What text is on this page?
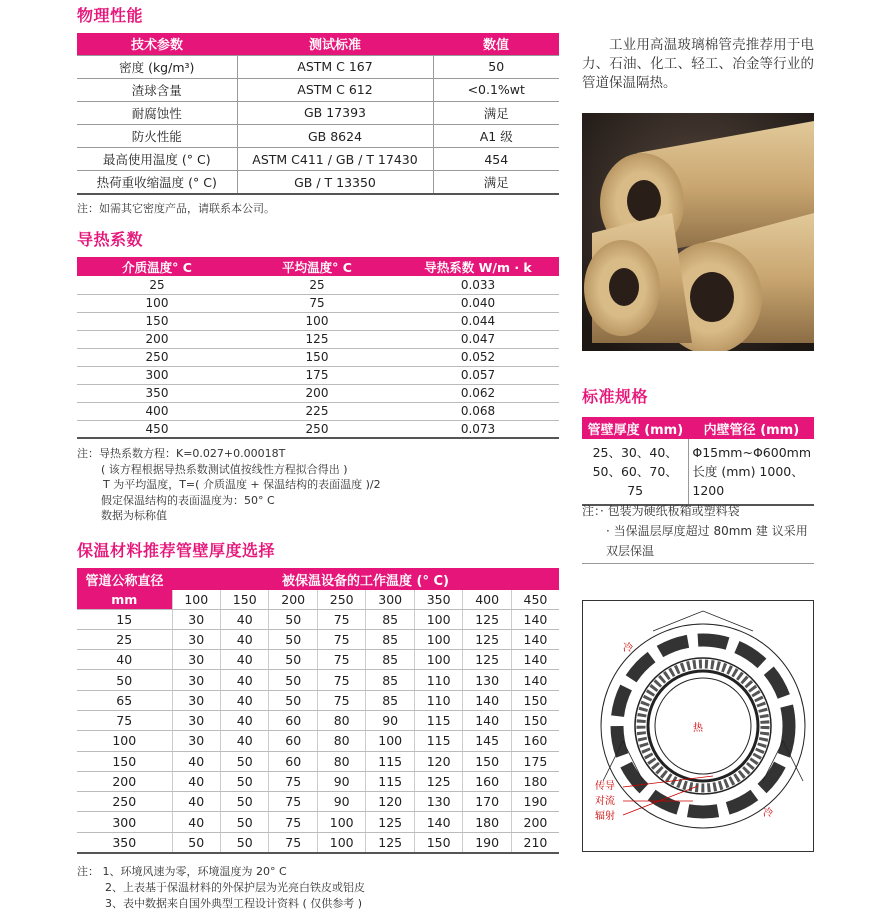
物理性能
导热系数
保温材料推荐管壁厚度选择
标准规格
技术参数	测试标准	数值
密度 (kg/m³)	ASTM C 167	50
渣球含量	ASTM C 612	<0.1%wt
耐腐蚀性	GB 17393	满足
防火性能	GB 8624	A1 级
最高使用温度 (° C)	ASTM C411 / GB / T 17430	454
热荷重收缩温度 (° C)	GB / T 13350	满足
注：如需其它密度产品，请联系本公司。
介质温度° C	平均温度° C	导热系数 W/m · k
25	25	0.033
100	75	0.040
150	100	0.044
200	125	0.047
250	150	0.052
300	175	0.057
350	200	0.062
400	225	0.068
450	250	0.073
注：导热系数方程：K=0.027+0.00018T
( 该方程根据导热系数测试值按线性方程拟合得出 )
T 为平均温度，T=( 介质温度 + 保温结构的表面温度 )/2
假定保温结构的表面温度为：50° C
数据为标称值
管道公称直径	被保温设备的工作温度 (° C)							
mm	100	150	200	250	300	350	400	450
15	30	40	50	75	85	100	125	140
25	30	40	50	75	85	100	125	140
40	30	40	50	75	85	100	125	140
50	30	40	50	75	85	110	130	140
65	30	40	50	75	85	110	140	150
75	30	40	60	80	90	115	140	150
100	30	40	60	80	100	115	145	160
150	40	50	60	80	115	120	150	175
200	40	50	75	90	115	125	160	180
250	40	50	75	90	120	130	170	190
300	40	50	75	100	125	140	180	200
350	50	50	75	100	125	150	190	210
注： 1、环境风速为零，环境温度为 20° C
2、上表基于保温材料的外保护层为光亮白铁皮或铝皮
3、表中数据来自国外典型工程设计资料 ( 仅供参考 )
工业用高温玻璃棉管壳推荐用于电力、石油、化工、轻工、冶金等行业的管道保温隔热。
管壁厚度 (mm)	内壁管径 (mm)
25、30、40、50、60、70、75	Φ15mm~Φ600mm 长度 (mm) 1000、1200
注：· 包装为硬纸板箱或塑料袋
· 当保温层厚度超过 80mm 建 议采用双层保温
冷
冷
热
传导
对流
辐射
